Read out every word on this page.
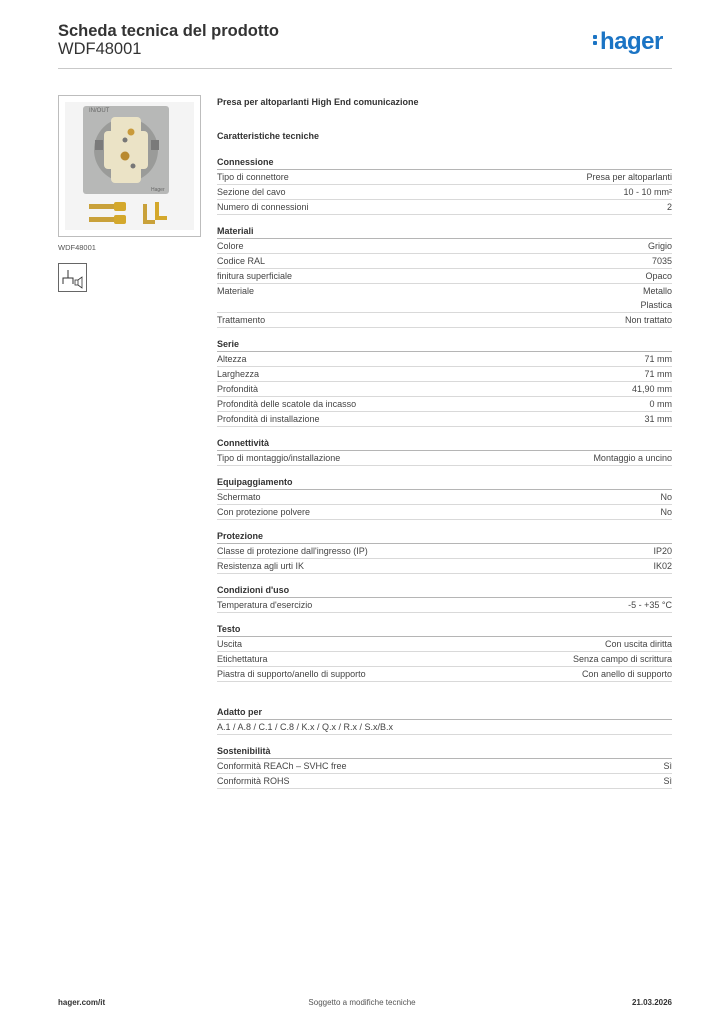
Scheda tecnica del prodotto
WDF48001	hager
IN/OUT
Hager
WDF48001
Presa per altoparlanti High End comunicazione
Caratteristiche tecniche
Connessione
Tipo di connettore	Presa per altoparlanti
Sezione del cavo	10 - 10 mm²
Numero di connessioni	2
Materiali
Colore	Grigio
Codice RAL	7035
finitura superficiale	Opaco
Materiale	Metallo
Plastica
Trattamento	Non trattato
Serie
Altezza	71 mm
Larghezza	71 mm
Profondità	41,90 mm
Profondità delle scatole da incasso	0 mm
Profondità di installazione	31 mm
Connettività
Tipo di montaggio/installazione	Montaggio a uncino
Equipaggiamento
Schermato	No
Con protezione polvere	No
Protezione
Classe di protezione dall'ingresso (IP)	IP20
Resistenza agli urti IK	IK02
Condizioni d'uso
Temperatura d'esercizio	-5 - +35 °C
Testo
Uscita	Con uscita diritta
Etichettatura	Senza campo di scrittura
Piastra di supporto/anello di supporto	Con anello di supporto
Adatto per
A.1 / A.8 / C.1 / C.8 / K.x / Q.x / R.x / S.x/B.x
Sostenibilità
Conformità REACh – SVHC free	Sì
Conformità ROHS	Sì
hager.com/it	Soggetto a modifiche tecniche	21.03.2026
